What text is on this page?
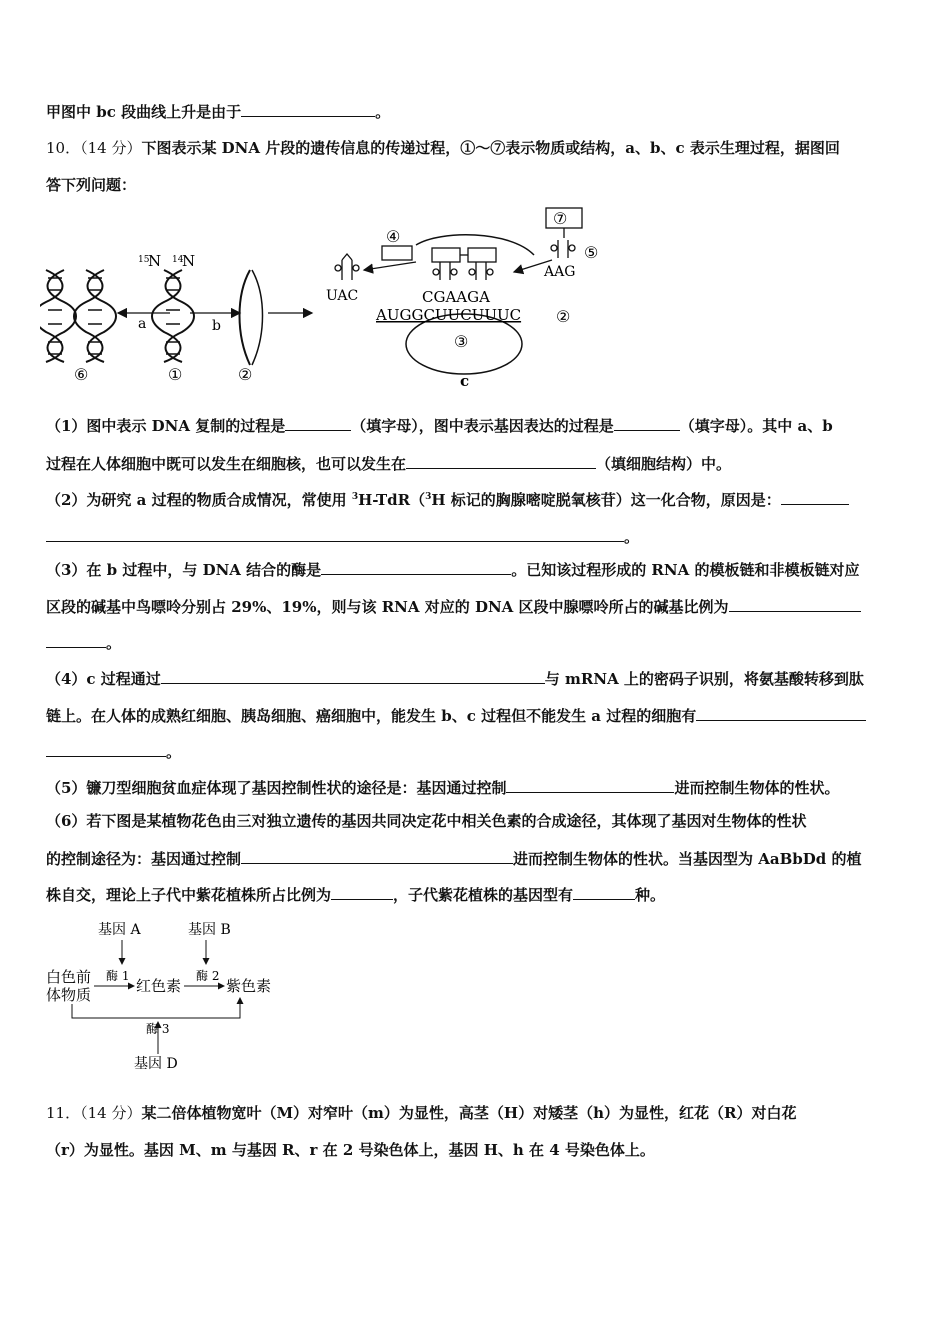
甲图中 bc 段曲线上升是由于	。
10．（14 分）下图表示某 DNA 片段的遗传信息的传递过程，①～⑦表示物质或结构，a、b、c 表示生理过程，据图回
答下列问题：
a
15
N 14
N
b
⑥	①	②
③
④
UAC
⑦
⑤
AAG
CGAAGA
AUGGCUUCUUUC ②
c
（1）图中表示 DNA 复制的过程是	（填字母），图中表示基因表达的过程是	（填字母）。其中 a、b
过程在人体细胞中既可以发生在细胞核，也可以发生在	（填细胞结构）中。
（2）为研究 a 过程的物质合成情况，常使用 $^3$H-TdR（$^3$H 标记的胸腺嘧啶脱氧核苷）这一化合物，原因是：
。
（3）在 b 过程中，与 DNA 结合的酶是	。已知该过程形成的 RNA 的模板链和非模板链对应
区段的碱基中鸟嘌呤分别占 29%、19%，则与该 RNA 对应的 DNA 区段中腺嘌呤所占的碱基比例为
。
（4）c 过程通过	与 mRNA 上的密码子识别，将氨基酸转移到肽
链上。在人体的成熟红细胞、胰岛细胞、癌细胞中，能发生 b、c 过程但不能发生 a 过程的细胞有
。
（5）镰刀型细胞贫血症体现了基因控制性状的途径是：基因通过控制	进而控制生物体的性状。
（6）若下图是某植物花色由三对独立遗传的基因共同决定花中相关色素的合成途径，其体现了基因对生物体的性状
的控制途径为：基因通过控制	进而控制生物体的性状。当基因型为 AaBbDd 的植
株自交，理论上子代中紫花植株所占比例为	，子代紫花植株的基因型有	种。
基因 A	基因 B
白色前
体物质
酶 1
红色素
酶 2
紫色素
酶 3
基因 D
11．（14 分）某二倍体植物宽叶（M）对窄叶（m）为显性，高茎（H）对矮茎（h）为显性，红花（R）对白花
（r）为显性。基因 M、m 与基因 R、r 在 2 号染色体上，基因 H、h 在 4 号染色体上。
